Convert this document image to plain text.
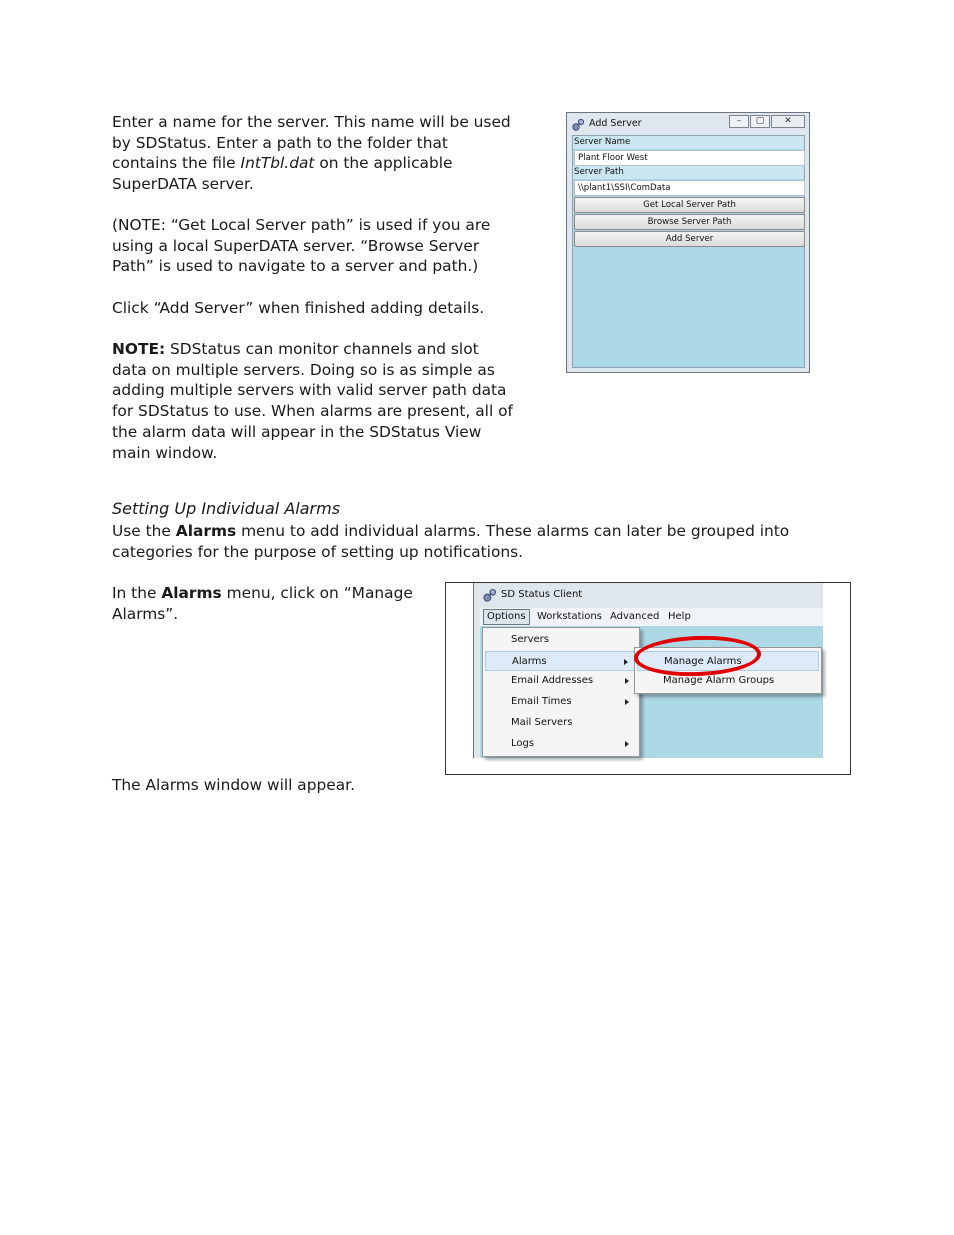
Enter a name for the server. This name will be used by SDStatus. Enter a path to the folder that contains the file IntTbl.dat on the applicable SuperDATA server.

(NOTE: “Get Local Server path” is used if you are using a local SuperDATA server. “Browse Server Path” is used to navigate to a server and path.)

Click “Add Server” when finished adding details.

NOTE: SDStatus can monitor channels and slot data on multiple servers. Doing so is as simple as adding multiple servers with valid server path data for SDStatus to use. When alarms are present, all of the alarm data will appear in the SDStatus View main window.

Setting Up Individual Alarms

Use the Alarms menu to add individual alarms. These alarms can later be grouped into categories for the purpose of setting up notifications.

In the Alarms menu, click on “Manage Alarms”.

The Alarms window will appear.

Add Server	–	▢	✕
Server Name
Plant Floor West
Server Path
\\plant1\SSI\ComData
Get Local Server Path
Browse Server Path
Add Server
SD Status Client
Options	Workstations Advanced Help
Servers
Alarms
Email Addresses
Email Times
Mail Servers
Logs
Manage Alarms
Manage Alarm Groups
